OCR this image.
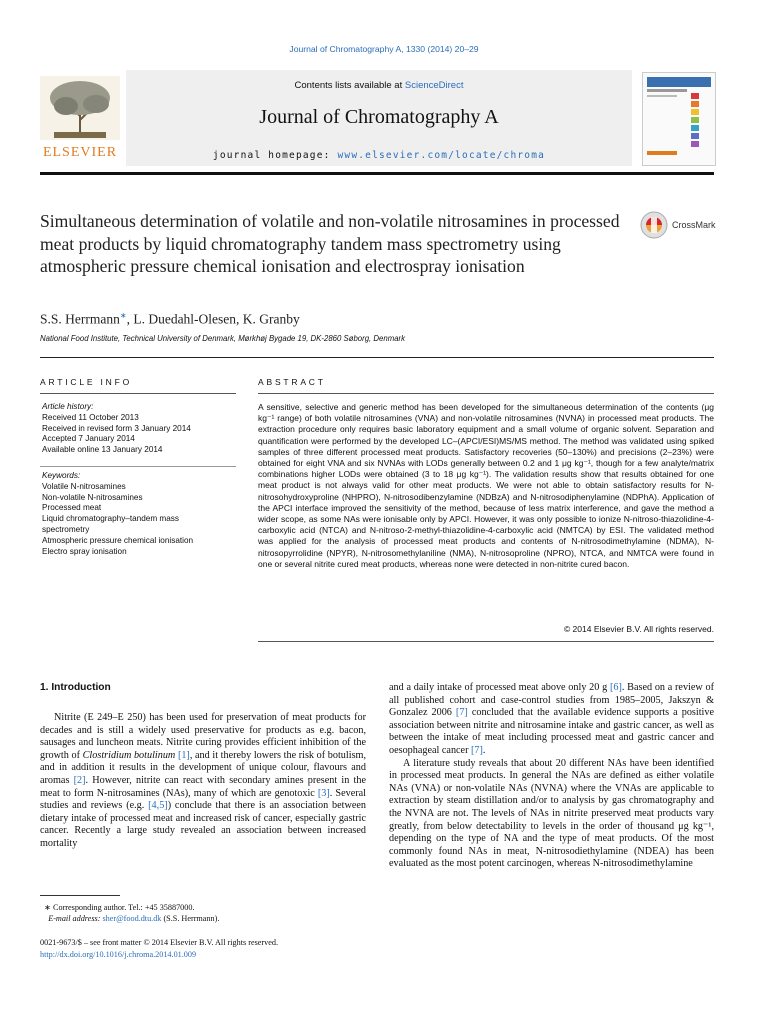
Journal of Chromatography A, 1330 (2014) 20–29
ELSEVIER
Contents lists available at ScienceDirect
Journal of Chromatography A
journal homepage: www.elsevier.com/locate/chroma
Simultaneous determination of volatile and non-volatile nitrosamines in processed meat products by liquid chromatography tandem mass spectrometry using atmospheric pressure chemical ionisation and electrospray ionisation
CrossMark
S.S. Herrmann∗, L. Duedahl-Olesen, K. Granby
National Food Institute, Technical University of Denmark, Mørkhøj Bygade 19, DK-2860 Søborg, Denmark
ARTICLE INFO	ABSTRACT
Article history:
Received 11 October 2013
Received in revised form 3 January 2014
Accepted 7 January 2014
Available online 13 January 2014
Keywords:
Volatile N-nitrosamines
Non-volatile N-nitrosamines
Processed meat
Liquid chromatography–tandem mass
spectrometry
Atmospheric pressure chemical ionisation
Electro spray ionisation

A sensitive, selective and generic method has been developed for the simultaneous determination of the contents (μg kg⁻¹ range) of both volatile nitrosamines (VNA) and non-volatile nitrosamines (NVNA) in processed meat products. The extraction procedure only requires basic laboratory equipment and a small volume of organic solvent. Separation and quantification were performed by the developed LC–(APCI/ESI)MS/MS method. The method was validated using spiked samples of three different processed meat products. Satisfactory recoveries (50–130%) and precisions (2–23%) were obtained for eight VNA and six NVNAs with LODs generally between 0.2 and 1 μg kg⁻¹, though for a few analyte/matrix combinations higher LODs were obtained (3 to 18 μg kg⁻¹). The validation results show that results obtained for one meat product is not always valid for other meat products. We were not able to obtain satisfactory results for N-nitrosohydroxyproline (NHPRO), N-nitrosodibenzylamine (NDBzA) and N-nitrosodiphenylamine (NDPhA). Application of the APCI interface improved the sensitivity of the method, because of less matrix interference, and gave the method a wider scope, as some NAs were ionisable only by APCI. However, it was only possible to ionize N-nitroso-thiazolidine-4-carboxylic acid (NTCA) and N-nitroso-2-methyl-thiazolidine-4-carboxylic acid (NMTCA) by ESI. The validated method was applied for the analysis of processed meat products and contents of N-nitrosodimethylamine (NDMA), N-nitrosopyrrolidine (NPYR), N-nitrosomethylaniline (NMA), N-nitrosoproline (NPRO), NTCA, and NMTCA were found in one or several nitrite cured meat products, whereas none were detected in non-nitrite cured bacon.

© 2014 Elsevier B.V. All rights reserved.
1. Introduction

Nitrite (E 249–E 250) has been used for preservation of meat products for decades and is still a widely used preservative for products as e.g. bacon, sausages and luncheon meats. Nitrite curing provides efficient inhibition of the growth of Clostridium botulinum [1], and it thereby lowers the risk of botulism, and in addition it results in the development of unique colour, flavours and aromas [2]. However, nitrite can react with secondary amines present in the meat to form N-nitrosamines (NAs), many of which are genotoxic [3]. Several studies and reviews (e.g. [4,5]) conclude that there is an association between dietary intake of processed meat and increased risk of cancer, especially gastric cancer. Recently a large study revealed an association between increased mortality

and a daily intake of processed meat above only 20 g [6]. Based on a review of all published cohort and case-control studies from 1985–2005, Jakszyn & Gonzalez 2006 [7] concluded that the available evidence supports a positive association between nitrite and nitrosamine intake and gastric cancer, as well as between the intake of meat including processed meat and gastric cancer and oesophageal cancer [7].

A literature study reveals that about 20 different NAs have been identified in processed meat products. In general the NAs are defined as either volatile NAs (VNA) or non-volatile NAs (NVNA) where the VNAs are applicable to extraction by steam distillation and/or to analysis by gas chromatography and the NVNA are not. The levels of NAs in nitrite preserved meat products vary greatly, from below detectability to levels in the order of thousand μg kg⁻¹, depending on the type of NA and the type of meat products. Of the most commonly found NAs in meat, N-nitrosodiethylamine (NDEA) has been evaluated as the most potent carcinogen, whereas N-nitrosodimethylamine

∗ Corresponding author. Tel.: +45 35887000.
E-mail address: sher@food.dtu.dk (S.S. Herrmann).
0021-9673/$ – see front matter © 2014 Elsevier B.V. All rights reserved.
http://dx.doi.org/10.1016/j.chroma.2014.01.009
